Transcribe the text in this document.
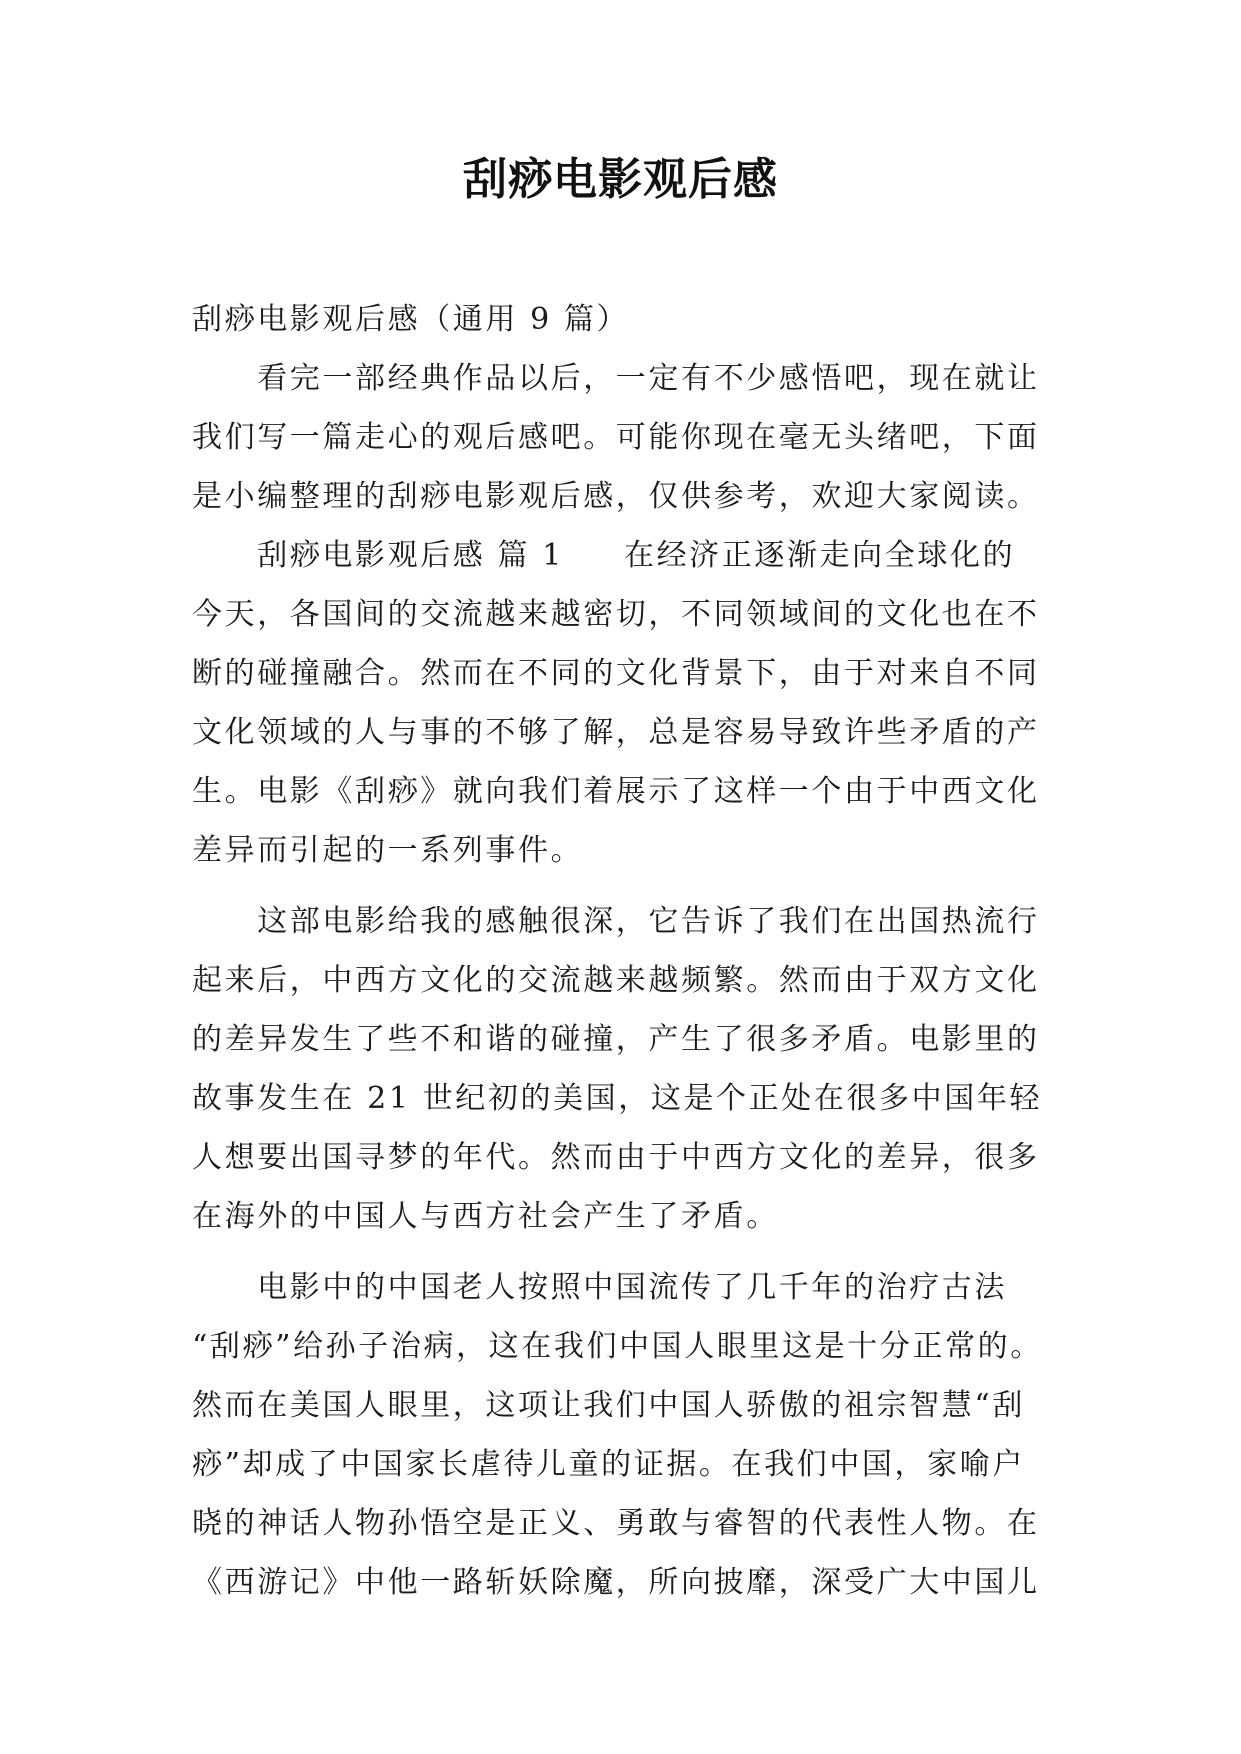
刮痧电影观后感
刮痧电影观后感（通用 9 篇）
　　看完一部经典作品以后，一定有不少感悟吧，现在就让
我们写一篇走心的观后感吧。可能你现在毫无头绪吧，下面
是小编整理的刮痧电影观后感，仅供参考，欢迎大家阅读。
　　刮痧电影观后感 篇 1 在经济正逐渐走向全球化的
今天，各国间的交流越来越密切，不同领域间的文化也在不
断的碰撞融合。然而在不同的文化背景下，由于对来自不同
文化领域的人与事的不够了解，总是容易导致许些矛盾的产
生。电影《刮痧》就向我们着展示了这样一个由于中西文化
差异而引起的一系列事件。
　　这部电影给我的感触很深，它告诉了我们在出国热流行
起来后，中西方文化的交流越来越频繁。然而由于双方文化
的差异发生了些不和谐的碰撞，产生了很多矛盾。电影里的
故事发生在 21 世纪初的美国，这是个正处在很多中国年轻
人想要出国寻梦的年代。然而由于中西方文化的差异，很多
在海外的中国人与西方社会产生了矛盾。
　　电影中的中国老人按照中国流传了几千年的治疗古法
“刮痧”给孙子治病，这在我们中国人眼里这是十分正常的。
然而在美国人眼里，这项让我们中国人骄傲的祖宗智慧“刮
痧”却成了中国家长虐待儿童的证据。在我们中国，家喻户
晓的神话人物孙悟空是正义、勇敢与睿智的代表性人物。在
《西游记》中他一路斩妖除魔，所向披靡，深受广大中国儿
